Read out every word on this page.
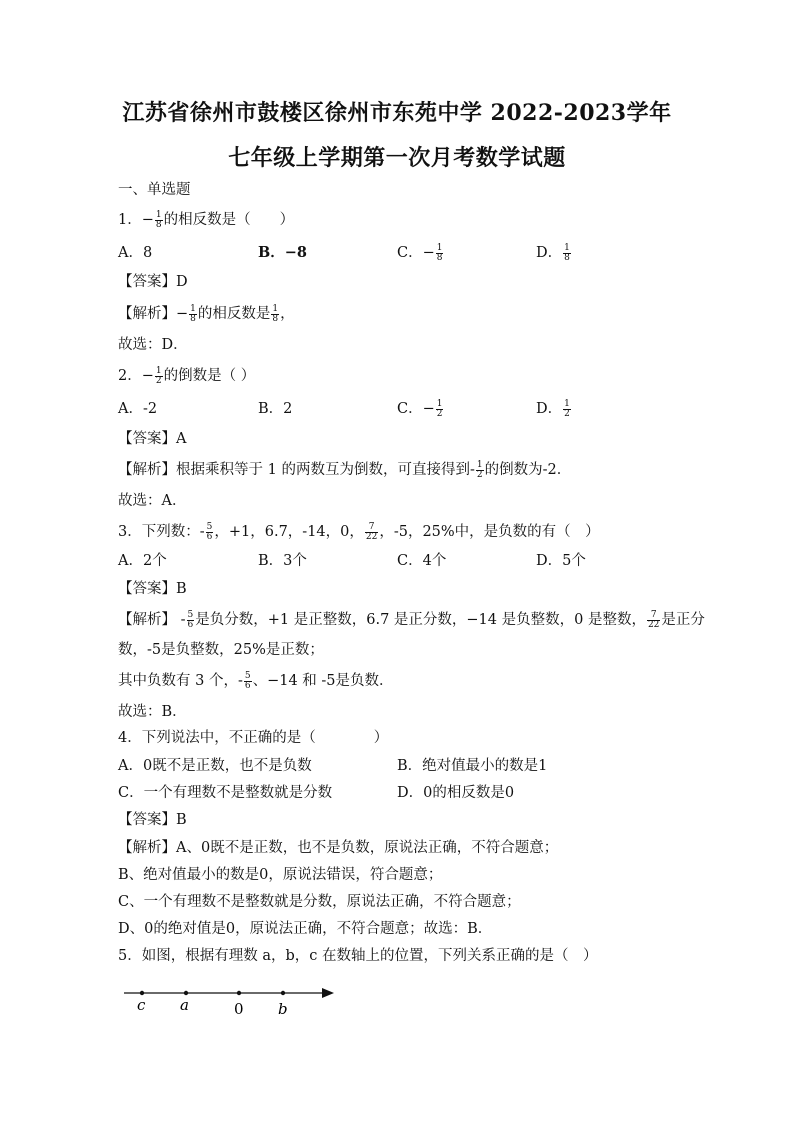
江苏省徐州市鼓楼区徐州市东苑中学 2022-2023学年
七年级上学期第一次月考数学试题
一、单选题
1．− $\frac{1}{8}$ 的相反数是（　　）
A．8	B．−8	C．− $\frac{1}{8}$	D． $\frac{1}{8}$
【答案】D
【解析】− $\frac{1}{8}$ 的相反数是 $\frac{1}{8}$ ，
故选：D．
2．− $\frac{1}{2}$ 的倒数是（ ）
A．-2	B．2	C．− $\frac{1}{2}$	D． $\frac{1}{2}$
【答案】A
【解析】根据乘积等于 1 的两数互为倒数，可直接得到- $\frac{1}{2}$ 的倒数为-2．
故选：A．
3．下列数：- $\frac{5}{6}$ ，+1，6.7，-14，0， $\frac{7}{22}$ ，-5，25%中，是负数的有（　）
A．2个	B．3个	C．4个	D．5个
【答案】B
【解析】 - $\frac{5}{6}$ 是负分数，+1 是正整数，6.7 是正分数，−14 是负整数，0 是整数， $\frac{7}{22}$ 是正分
数，-5是负整数，25%是正数；
其中负数有 3 个，- $\frac{5}{6}$ 、−14 和 -5是负数．
故选：B．
4．下列说法中，不正确的是（　　　　）
A．0既不是正数，也不是负数	B．绝对值最小的数是1
C．一个有理数不是整数就是分数	D．0的相反数是0
【答案】B
【解析】A、0既不是正数，也不是负数，原说法正确，不符合题意；
B、绝对值最小的数是0，原说法错误，符合题意；
C、一个有理数不是整数就是分数，原说法正确，不符合题意；
D、0的绝对值是0，原说法正确，不符合题意；故选：B．
5．如图，根据有理数 a，b，c 在数轴上的位置，下列关系正确的是（　）
c a	0 b
